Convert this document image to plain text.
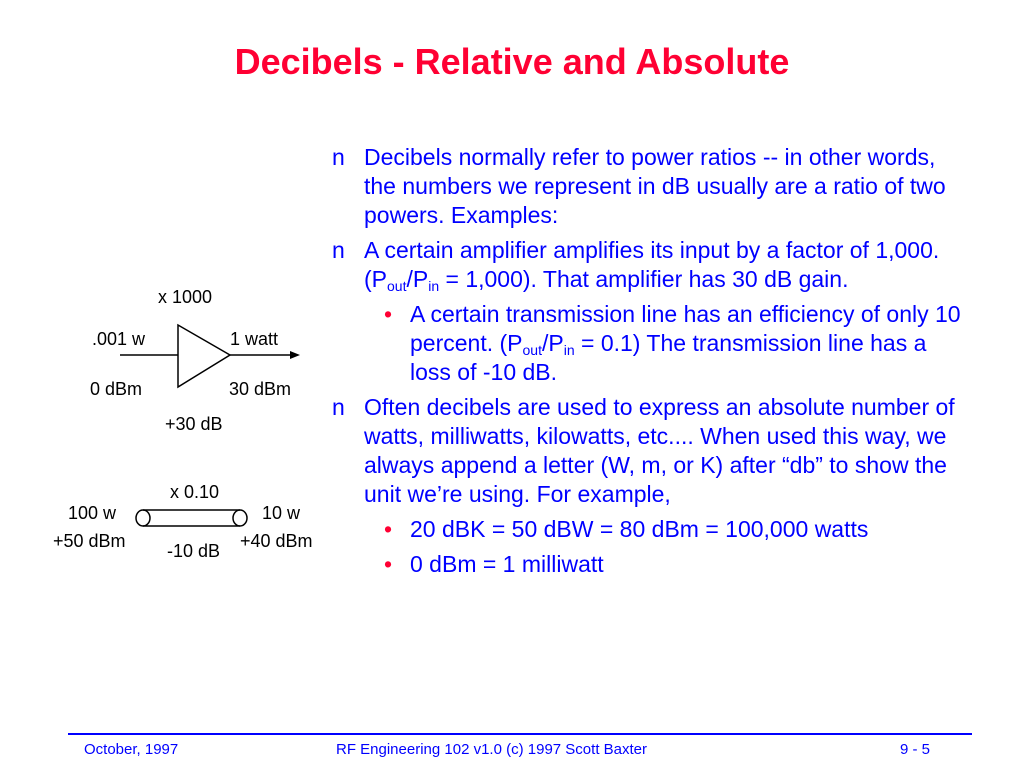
Decibels - Relative and Absolute
x 1000
.001 w	1 watt
0 dBm	30 dBm
+30 dB
x 0.10
100 w	10 w
+50 dBm	+40 dBm
-10 dB
n Decibels normally refer to power ratios -- in other words, the numbers we represent in dB usually are a ratio of two powers. Examples:
n A certain amplifier amplifies its input by a factor of 1,000. $(P_{out}/P_{in} = 1,000)$. That amplifier has 30 dB gain.
• A certain transmission line has an efficiency of only 10 percent. $(P_{out}/P_{in} = 0.1)$ The transmission line has a loss of -10 dB.
n Often decibels are used to express an absolute number of watts, milliwatts, kilowatts, etc.... When used this way, we always append a letter (W, m, or K) after “db” to show the unit we’re using. For example,
• 20 dBK = 50 dBW = 80 dBm = 100,000 watts
• 0 dBm = 1 milliwatt
October, 1997	RF Engineering 102 v1.0 (c) 1997 Scott Baxter	9 - 5
